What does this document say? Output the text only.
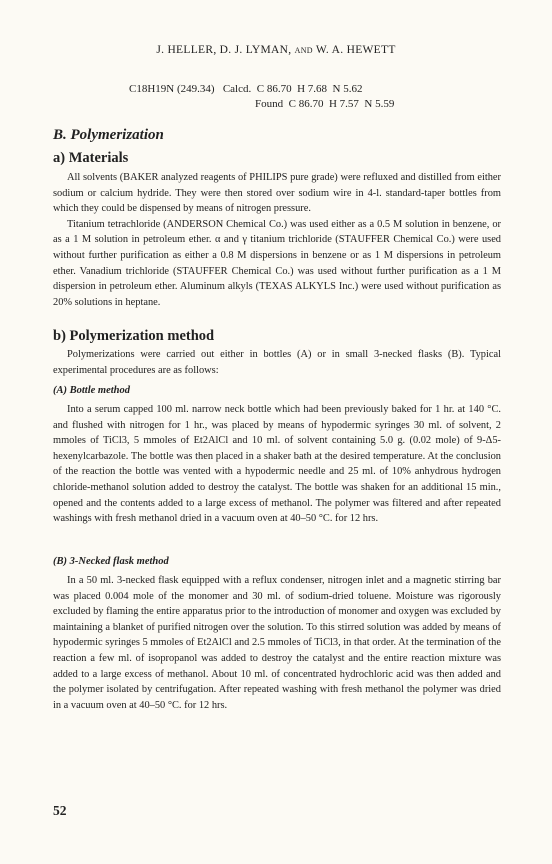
J. HELLER, D. J. LYMAN, and W. A. HEWETT
C18H19N (249.34) Calcd. C 86.70  H 7.68  N 5.62
Found C 86.70  H 7.57  N 5.59
B. Polymerization
a) Materials

All solvents (BAKER analyzed reagents of PHILIPS pure grade) were refluxed and distilled from either sodium or calcium hydride. They were then stored over sodium wire in 4-l. standard-taper bottles from which they could be dispensed by means of nitrogen pressure.

Titanium tetrachloride (ANDERSON Chemical Co.) was used either as a 0.5 M solution in benzene, or as a 1 M solution in petroleum ether. α and γ titanium trichloride (STAUFFER Chemical Co.) were used without further purification as either a 0.8 M dispersions in benzene or as 1 M dispersions in petroleum ether. Vanadium trichloride (STAUFFER Chemical Co.) was used without further purification as a 1 M dispersion in petroleum ether. Aluminum alkyls (TEXAS ALKYLS Inc.) were used without purification as 20% solutions in heptane.

b) Polymerization method

Polymerizations were carried out either in bottles (A) or in small 3-necked flasks (B). Typical experimental procedures are as follows:

(A) Bottle method

Into a serum capped 100 ml. narrow neck bottle which had been previously baked for 1 hr. at 140 °C. and flushed with nitrogen for 1 hr., was placed by means of hypodermic syringes 30 ml. of solvent, 2 mmoles of TiCl3, 5 mmoles of Et2AlCl and 10 ml. of solvent containing 5.0 g. (0.02 mole) of 9-Δ5-hexenylcarbazole. The bottle was then placed in a shaker bath at the desired temperature. At the conclusion of the reaction the bottle was vented with a hypodermic needle and 25 ml. of 10% anhydrous hydrogen chloride-methanol solution added to destroy the catalyst. The bottle was shaken for an additional 15 min., opened and the contents added to a large excess of methanol. The polymer was filtered and after repeated washings with fresh methanol dried in a vacuum oven at 40–50 °C. for 12 hrs.

(B) 3-Necked flask method

In a 50 ml. 3-necked flask equipped with a reflux condenser, nitrogen inlet and a magnetic stirring bar was placed 0.004 mole of the monomer and 30 ml. of sodium-dried toluene. Moisture was rigorously excluded by flaming the entire apparatus prior to the introduction of monomer and oxygen was excluded by maintaining a blanket of purified nitrogen over the solution. To this stirred solution was added by means of hypodermic syringes 5 mmoles of Et2AlCl and 2.5 mmoles of TiCl3, in that order. At the termination of the reaction a few ml. of isopropanol was added to destroy the catalyst and the entire reaction mixture was added to a large excess of methanol. About 10 ml. of concentrated hydrochloric acid was then added and the polymer isolated by centrifugation. After repeated washing with fresh methanol the polymer was dried in a vacuum oven at 40–50 °C. for 12 hrs.

52
